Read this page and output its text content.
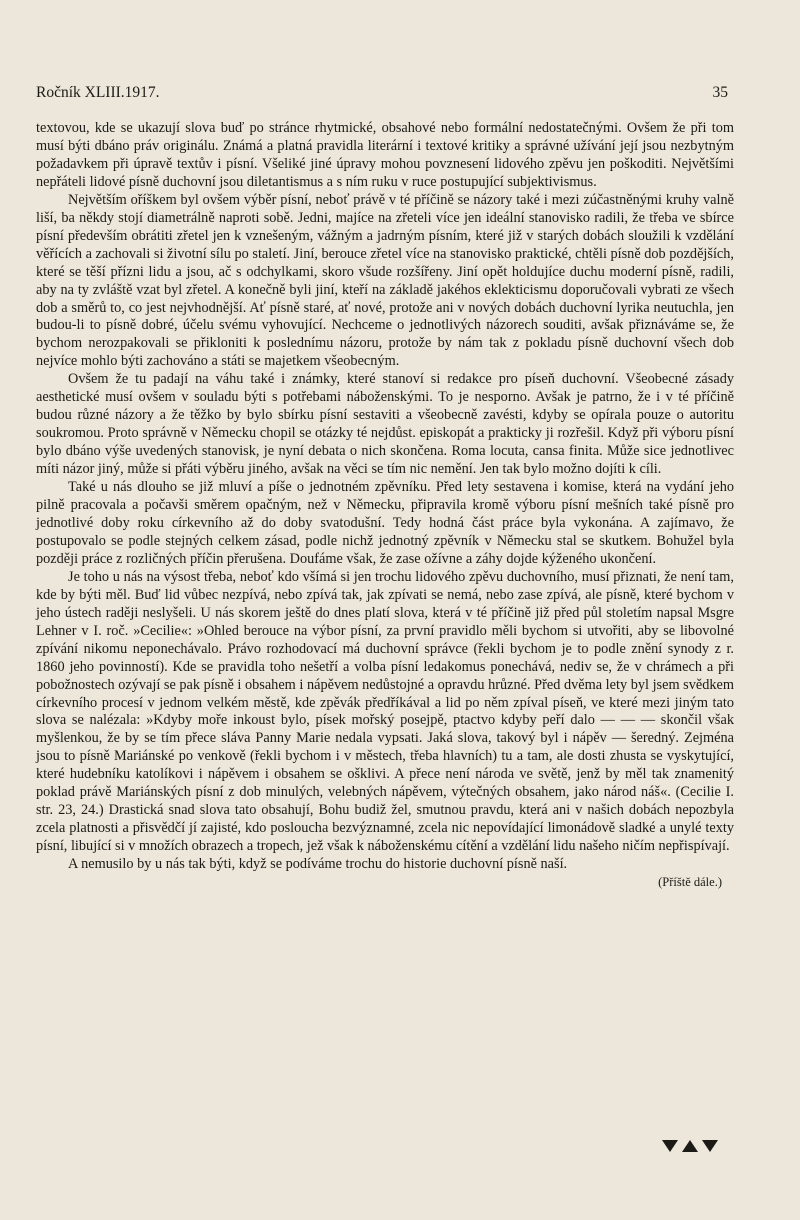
Ročník XLIII.1917.	35

textovou, kde se ukazují slova buď po stránce rhytmické, obsahové nebo formální nedostatečnými. Ovšem že při tom musí býti dbáno práv originálu. Známá a platná pravidla literární i textové kritiky a správné užívání její jsou nezbytným požadavkem při úpravě textův i písní. Všeliké jiné úpravy mohou povznesení lidového zpěvu jen poškoditi. Největšími nepřáteli lidové písně duchovní jsou diletantismus a s ním ruku v ruce postupující subjektivismus.

Největším oříškem byl ovšem výběr písní, neboť právě v té příčině se názory také i mezi zúčastněnými kruhy valně liší, ba někdy stojí diametrálně naproti sobě. Jedni, majíce na zřeteli více jen ideální stanovisko radili, že třeba ve sbírce písní především obrátiti zřetel jen k vznešeným, vážným a jadrným písním, které již v starých dobách sloužili k vzdělání věřících a zachovali si životní sílu po staletí. Jiní, berouce zřetel více na stanovisko praktické, chtěli písně dob pozdějších, které se těší přízni lidu a jsou, ač s odchylkami, skoro všude rozšířeny. Jiní opět holdujíce duchu moderní písně, radili, aby na ty zvláště vzat byl zřetel. A konečně byli jiní, kteří na základě jakéhos eklekticismu doporučovali vybrati ze všech dob a směrů to, co jest nejvhodnější. Ať písně staré, ať nové, protože ani v nových dobách duchovní lyrika neutuchla, jen budou-li to písně dobré, účelu svému vyhovující. Nechceme o jednotlivých názorech souditi, avšak přiznáváme se, že bychom nerozpakovali se přikloniti k poslednímu názoru, protože by nám tak z pokladu písně duchovní všech dob nejvíce mohlo býti zachováno a státi se majetkem všeobecným.

Ovšem že tu padají na váhu také i známky, které stanoví si redakce pro píseň duchovní. Všeobecné zásady aesthetické musí ovšem v souladu býti s potřebami náboženskými. To je nesporno. Avšak je patrno, že i v té příčině budou různé názory a že těžko by bylo sbírku písní sestaviti a všeobecně zavésti, kdyby se opírala pouze o autoritu soukromou. Proto správně v Německu chopil se otázky té nejdůst. episkopát a prakticky ji rozřešil. Když při výboru písní bylo dbáno výše uvedených stanovisk, je nyní debata o nich skončena. Roma locuta, cansa finita. Může sice jednotlivec míti názor jiný, může si přáti výběru jiného, avšak na věci se tím nic nemění. Jen tak bylo možno dojíti k cíli.

Také u nás dlouho se již mluví a píše o jednotném zpěvníku. Před lety sestavena i komise, která na vydání jeho pilně pracovala a počavši směrem opačným, než v Německu, připravila kromě výboru písní mešních také písně pro jednotlivé doby roku církevního až do doby svatodušní. Tedy hodná část práce byla vykonána. A zajímavo, že postupovalo se podle stejných celkem zásad, podle nichž jednotný zpěvník v Německu stal se skutkem. Bohužel byla později práce z rozličných příčin přerušena. Doufáme však, že zase ožívne a záhy dojde kýženého ukončení.

Je toho u nás na výsost třeba, neboť kdo všímá si jen trochu lidového zpěvu duchovního, musí přiznati, že není tam, kde by býti měl. Buď lid vůbec nezpívá, nebo zpívá tak, jak zpívati se nemá, nebo zase zpívá, ale písně, které bychom v jeho ústech raději neslyšeli. U nás skorem ještě do dnes platí slova, která v té příčině již před půl stoletím napsal Msgre Lehner v I. roč. »Cecilie«: »Ohled berouce na výbor písní, za první pravidlo měli bychom si utvořiti, aby se libovolné zpívání nikomu neponechávalo. Právo rozhodovací má duchovní správce (řekli bychom je to podle znění synody z r. 1860 jeho povinností). Kde se pravidla toho nešetří a volba písní ledakomus ponechává, nediv se, že v chrámech a při pobožnostech ozývají se pak písně i obsahem i nápěvem nedůstojné a opravdu hrůzné. Před dvěma lety byl jsem svědkem církevního procesí v jednom velkém městě, kde zpěvák předříkával a lid po něm zpíval píseň, ve které mezi jiným tato slova se nalézala: »Kdyby moře inkoust bylo, písek mořský posejpě, ptactvo kdyby peří dalo — — — skončil však myšlenkou, že by se tím přece sláva Panny Marie nedala vypsati. Jaká slova, takový byl i nápěv — šeredný. Zejména jsou to písně Mariánské po venkově (řekli bychom i v městech, třeba hlavních) tu a tam, ale dosti zhusta se vyskytující, které hudebníku katolíkovi i nápěvem i obsahem se ošklivi. A přece není národa ve světě, jenž by měl tak znamenitý poklad právě Mariánských písní z dob minulých, velebných nápěvem, výtečných obsahem, jako národ náš«. (Cecilie I. str. 23, 24.) Drastická snad slova tato obsahují, Bohu budiž žel, smutnou pravdu, která ani v našich dobách nepozbyla zcela platnosti a přisvědčí jí zajisté, kdo posloucha bezvýznamné, zcela nic nepovídající limonádově sladké a unylé texty písní, libující si v množích obrazech a tropech, jež však k náboženskému cítění a vzdělání lidu našeho ničím nepřispívají.

A nemusilo by u nás tak býti, když se podíváme trochu do historie duchovní písně naší.

(Příště dále.)
